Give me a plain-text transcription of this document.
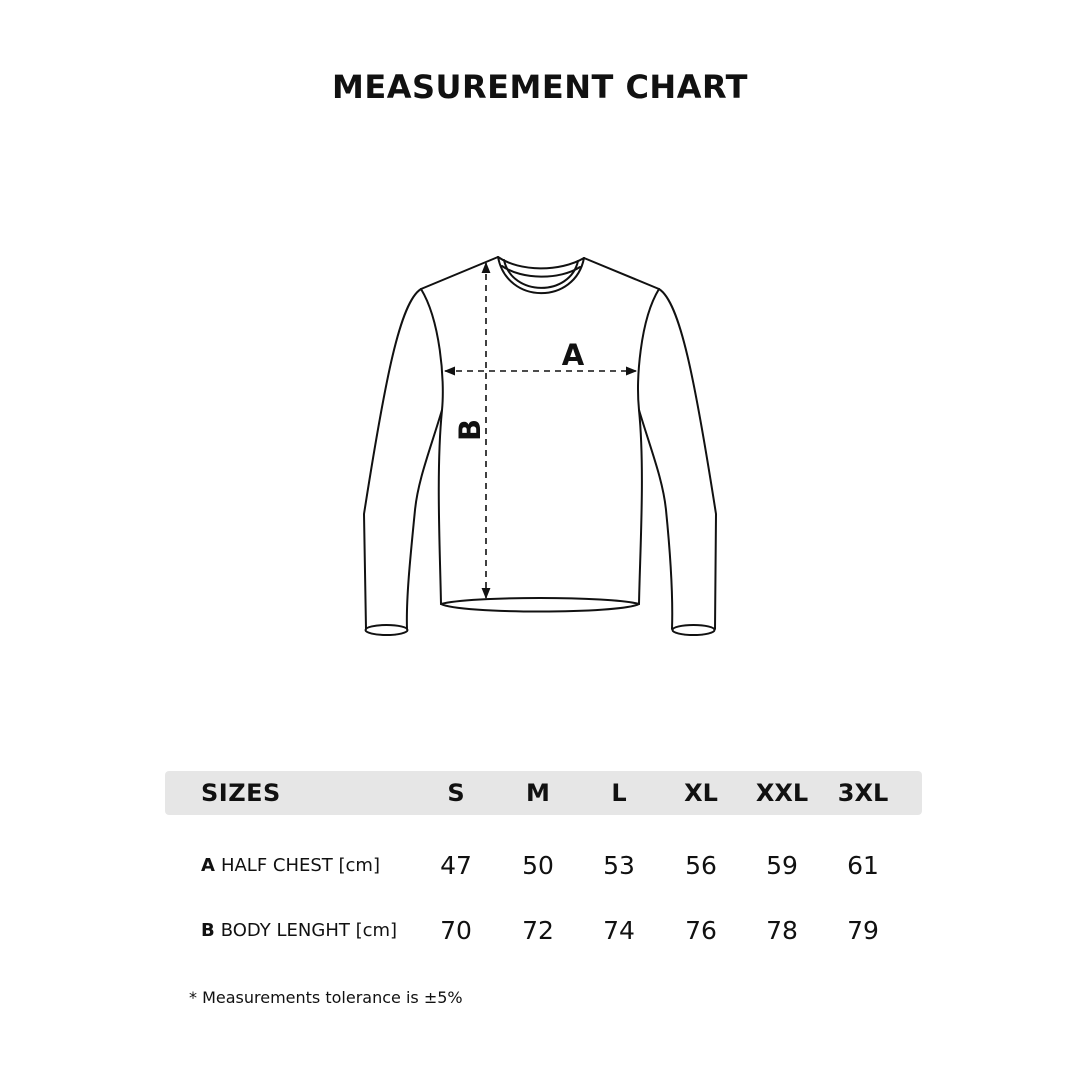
MEASUREMENT CHART
A
B
SIZES	S	M	L	XL	XXL	3XL
A HALF CHEST [cm]	47	50	53	56	59	61
B BODY LENGHT [cm]	70	72	74	76	78	79
* Measurements tolerance is ±5%
